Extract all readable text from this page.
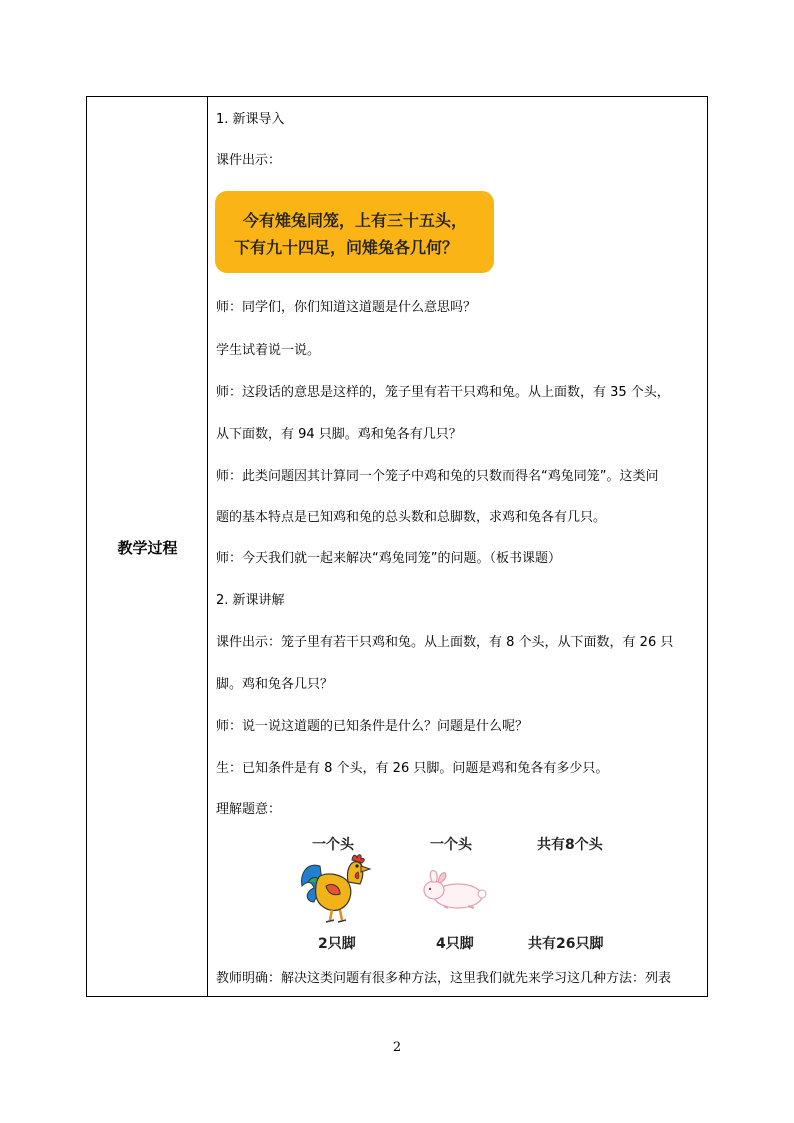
教学过程
1. 新课导入
课件出示：
今有雉兔同笼，上有三十五头，
下有九十四足，问雉兔各几何？
师：同学们，你们知道这道题是什么意思吗？
学生试着说一说。
师：这段话的意思是这样的，笼子里有若干只鸡和兔。从上面数，有 35 个头，
从下面数，有 94 只脚。鸡和兔各有几只？
师：此类问题因其计算同一个笼子中鸡和兔的只数而得名“鸡兔同笼”。这类问
题的基本特点是已知鸡和兔的总头数和总脚数，求鸡和兔各有几只。
师：今天我们就一起来解决“鸡兔同笼”的问题。（板书课题）
2. 新课讲解
课件出示：笼子里有若干只鸡和兔。从上面数，有 8 个头，从下面数，有 26 只
脚。鸡和兔各几只？
师：说一说这道题的已知条件是什么？问题是什么呢？
生：已知条件是有 8 个头，有 26 只脚。问题是鸡和兔各有多少只。
理解题意：
一个头	一个头	共有8个头
2只脚	4只脚	共有26只脚
教师明确：解决这类问题有很多种方法，这里我们就先来学习这几种方法：列表
2
